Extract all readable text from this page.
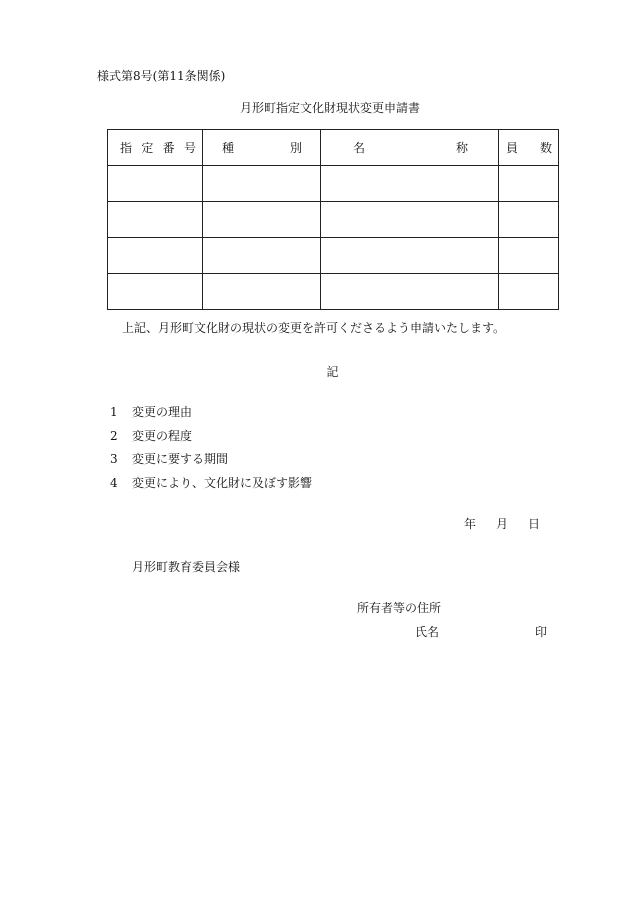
様式第8号(第11条関係)
月形町指定文化財現状変更申請書
指 定 番 号	種 別	名 称	員 数

上記、月形町文化財の現状の変更を許可くださるよう申請いたします。
記
1 変更の理由
2 変更の程度
3 変更に要する期間
4 変更により、文化財に及ぼす影響
年 月 日
月形町教育委員会様
所有者等の住所
氏名	印
